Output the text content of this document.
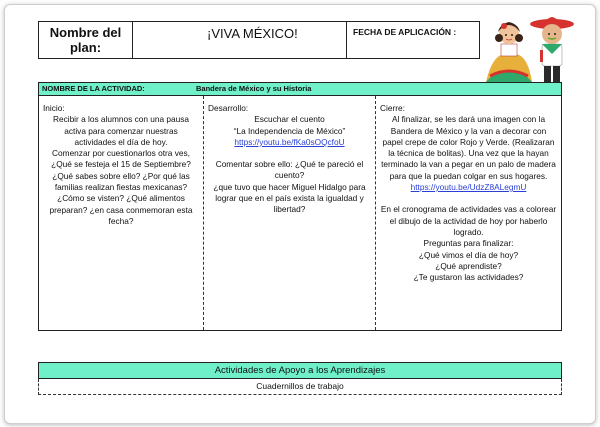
Nombre del plan:
¡VIVA MÉXICO!	FECHA DE APLICACIÓN :
NOMBRE DE LA ACTIVIDAD:	Bandera de México y su Historia
Inicio:

Recibir a los alumnos con una pausa activa para comenzar nuestras actividades el día de hoy.

Comenzar por cuestionarlos otra ves, ¿Qué se festeja el 15 de Septiembre? ¿Qué sabes sobre ello? ¿Por qué las familias realizan fiestas mexicanas? ¿Cómo se visten? ¿Qué alimentos preparan? ¿en casa conmemoran esta fecha?

Desarrollo:

Escuchar el cuento

“La Independencia de México”

https://youtu.be/fKa0sOQcfoU

Comentar sobre ello: ¿Qué te pareció el cuento?

¿que tuvo que hacer Miguel Hidalgo para lograr que en el país exista la igualdad y libertad?

Cierre:

Al finalizar, se les dará una imagen con la Bandera de México y la van a decorar con papel crepe de color Rojo y Verde. (Realizaran la técnica de bolitas). Una vez que la hayan terminado la van a pegar en un palo de madera para que la puedan colgar en sus hogares.

https://youtu.be/UdzZ8ALegmU

En el cronograma de actividades vas a colorear el dibujo de la actividad de hoy por haberlo logrado.

Preguntas para finalizar:

¿Qué vimos el día de hoy?

¿Qué aprendiste?

¿Te gustaron las actividades?

Actividades de Apoyo a los Aprendizajes
Cuadernillos de trabajo
